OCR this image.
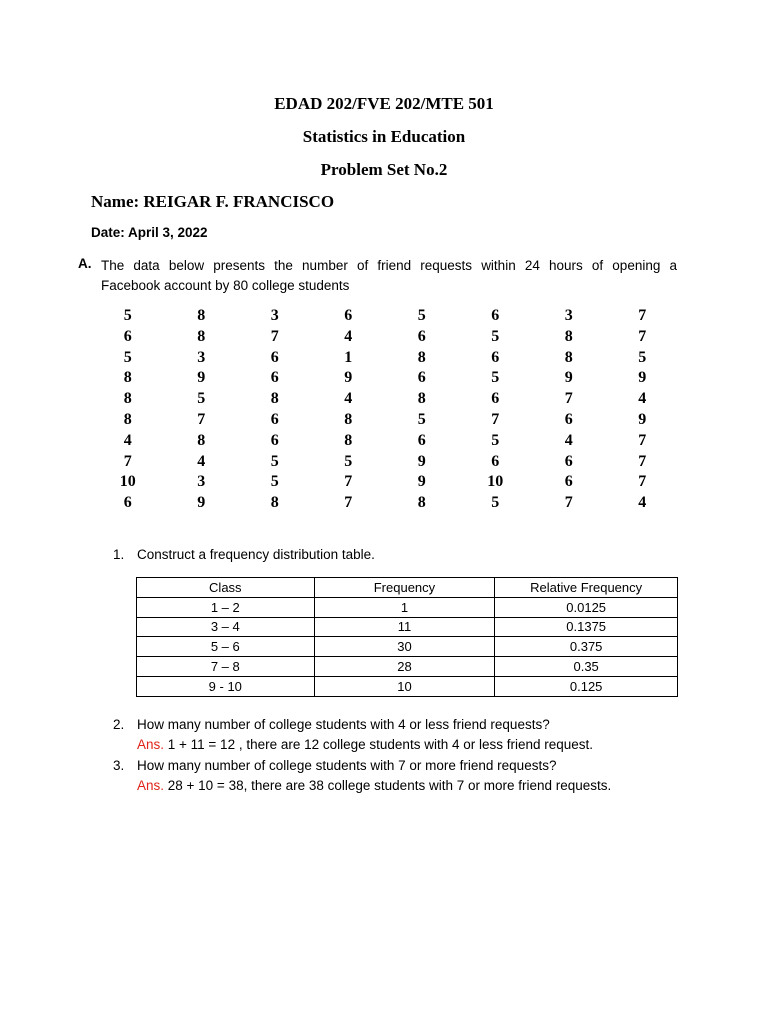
EDAD 202/FVE 202/MTE 501
Statistics in Education
Problem Set No.2
Name: REIGAR F. FRANCISCO
Date: April 3, 2022
A. The data below presents the number of friend requests within 24 hours of opening a
Facebook account by 80 college students
5	8	3	6	5	6	3	7
6	8	7	4	6	5	8	7
5	3	6	1	8	6	8	5
8	9	6	9	6	5	9	9
8	5	8	4	8	6	7	4
8	7	6	8	5	7	6	9
4	8	6	8	6	5	4	7
7	4	5	5	9	6	6	7
10	3	5	7	9	10	6	7
6	9	8	7	8	5	7	4
1. Construct a frequency distribution table.
Class	Frequency	Relative Frequency
1 – 2	1	0.0125
3 – 4	11	0.1375
5 – 6	30	0.375
7 – 8	28	0.35
9 - 10	10	0.125
2. How many number of college students with 4 or less friend requests?
Ans. 1 + 11 = 12 , there are 12 college students with 4 or less friend request.
3. How many number of college students with 7 or more friend requests?
Ans. 28 + 10 = 38, there are 38 college students with 7 or more friend requests.
